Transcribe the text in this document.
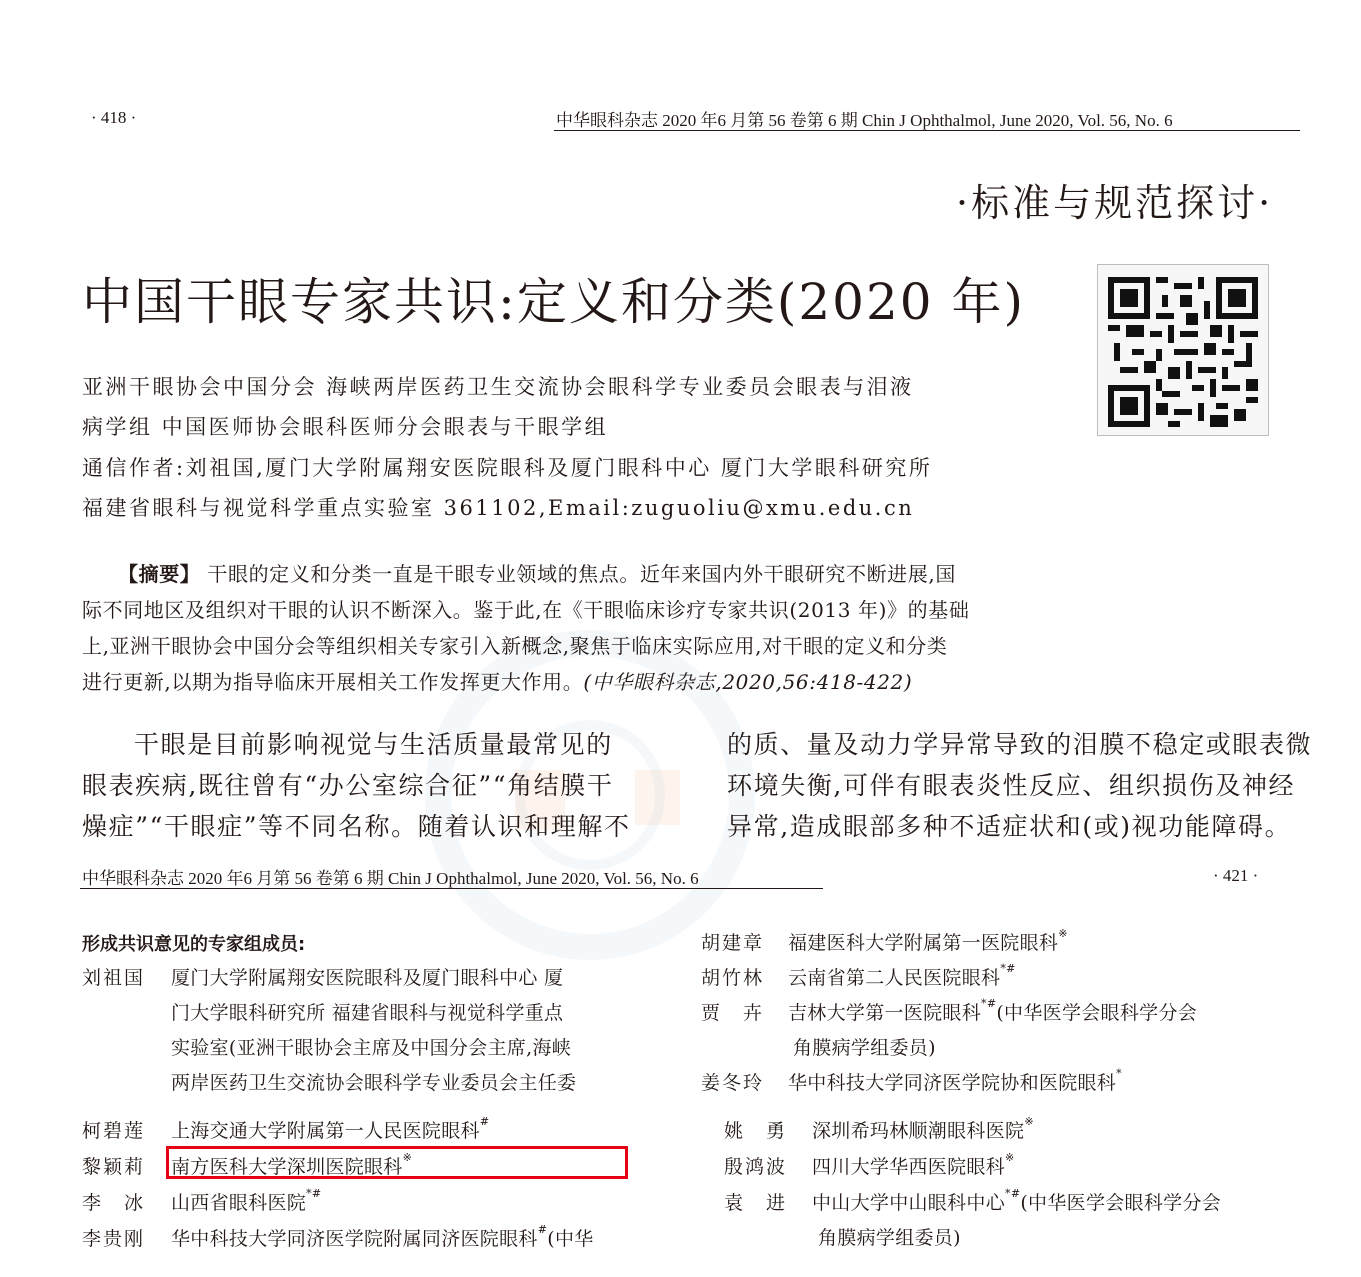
· 418 ·	中华眼科杂志 2020 年6 月第 56 卷第 6 期 Chin J Ophthalmol, June 2020, Vol. 56, No. 6
·标准与规范探讨·
中国干眼专家共识:定义和分类(2020 年)
亚洲干眼协会中国分会 海峡两岸医药卫生交流协会眼科学专业委员会眼表与泪液
病学组 中国医师协会眼科医师分会眼表与干眼学组
通信作者:刘祖国,厦门大学附属翔安医院眼科及厦门眼科中心 厦门大学眼科研究所
福建省眼科与视觉科学重点实验室 361102,Email:zuguoliu@xmu.edu.cn
【摘要】 干眼的定义和分类一直是干眼专业领域的焦点。近年来国内外干眼研究不断进展,国
际不同地区及组织对干眼的认识不断深入。鉴于此,在《干眼临床诊疗专家共识(2013 年)》的基础
上,亚洲干眼协会中国分会等组织相关专家引入新概念,聚焦于临床实际应用,对干眼的定义和分类
进行更新,以期为指导临床开展相关工作发挥更大作用。(中华眼科杂志,2020,56:418-422)
干眼是目前影响视觉与生活质量最常见的
眼表疾病,既往曾有“办公室综合征”“角结膜干
燥症”“干眼症”等不同名称。随着认识和理解不
的质、量及动力学异常导致的泪膜不稳定或眼表微
环境失衡,可伴有眼表炎性反应、组织损伤及神经
异常,造成眼部多种不适症状和(或)视功能障碍。
中华眼科杂志 2020 年6 月第 56 卷第 6 期 Chin J Ophthalmol, June 2020, Vol. 56, No. 6	· 421 ·
形成共识意见的专家组成员:
刘祖国 厦门大学附属翔安医院眼科及厦门眼科中心 厦
门大学眼科研究所 福建省眼科与视觉科学重点
实验室(亚洲干眼协会主席及中国分会主席,海峡
两岸医药卫生交流协会眼科学专业委员会主任委
柯碧莲 上海交通大学附属第一人民医院眼科#
黎颖莉 南方医科大学深圳医院眼科※
李　冰 山西省眼科医院*#
李贵刚 华中科技大学同济医学院附属同济医院眼科#(中华
胡建章 福建医科大学附属第一医院眼科※
胡竹林 云南省第二人民医院眼科*#
贾　卉 吉林大学第一医院眼科*#(中华医学会眼科学分会
角膜病学组委员)
姜冬玲 华中科技大学同济医学院协和医院眼科*
姚　勇 深圳希玛林顺潮眼科医院※
殷鸿波 四川大学华西医院眼科※
袁　进 中山大学中山眼科中心*#(中华医学会眼科学分会
角膜病学组委员)
